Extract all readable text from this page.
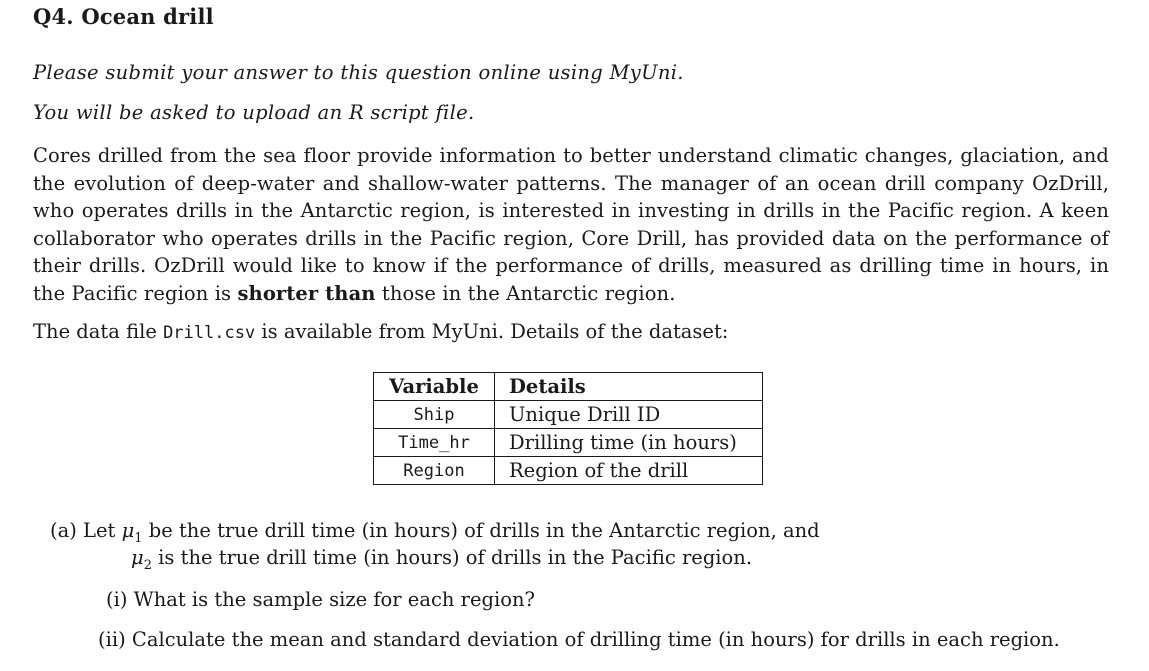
Q4. Ocean drill
Please submit your answer to this question online using MyUni.
You will be asked to upload an R script file.
Cores drilled from the sea floor provide information to better understand climatic changes, glaciation, and the evolution of deep-water and shallow-water patterns. The manager of an ocean drill company OzDrill, who operates drills in the Antarctic region, is interested in investing in drills in the Pacific region. A keen collaborator who operates drills in the Pacific region, Core Drill, has provided data on the performance of their drills. OzDrill would like to know if the performance of drills, measured as drilling time in hours, in the Pacific region is shorter than those in the Antarctic region.
The data file Drill.csv is available from MyUni. Details of the dataset:
Variable	Details
Ship	Unique Drill ID
Time_hr	Drilling time (in hours)
Region	Region of the drill
(a) Let $\mu_1$ be the true drill time (in hours) of drills in the Antarctic region, and
$\mu_2$ is the true drill time (in hours) of drills in the Pacific region.
(i) What is the sample size for each region?
(ii) Calculate the mean and standard deviation of drilling time (in hours) for drills in each region.
